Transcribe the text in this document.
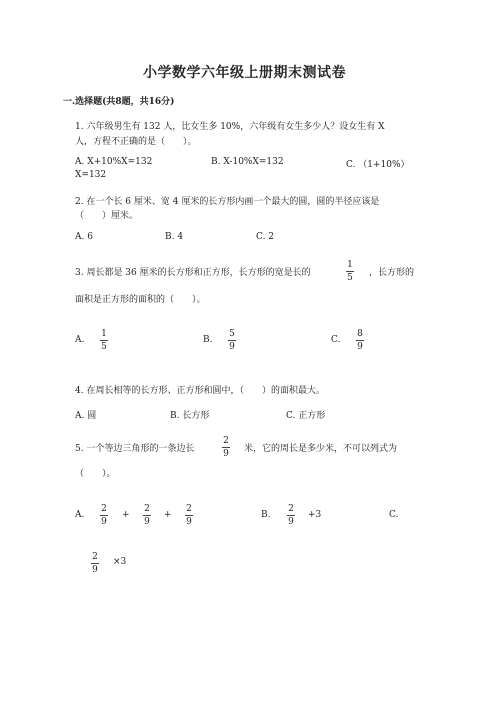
小学数学六年级上册期末测试卷
一.选择题(共8题，共16分)
1. 六年级男生有 132 人，比女生多 10%，六年级有女生多少人？设女生有 X
人，方程不正确的是（　　）。
A. X+10%X=132	B. X-10%X=132	C. （1+10%）
X=132
2. 在一个长 6 厘米、宽 4 厘米的长方形内画一个最大的圆，圆的半径应该是
（　　）厘米。
A. 6	B. 4	C. 2
3. 周长都是 36 厘米的长方形和正方形，长方形的宽是长的
1
5 ，长方形的
面积是正方形的面积的（　　）。
A.
1
5
B.
5
9
C.
8
9
4. 在周长相等的长方形、正方形和圆中，（　　）的面积最大。
A. 圆	B. 长方形	C. 正方形
5. 一个等边三角形的一条边长
2
9 米，它的周长是多少米，不可以列式为
（　　）。
A.
2
9
+
2
9
+
2
9
B.
2
9
+3	C.
2
9
×3
